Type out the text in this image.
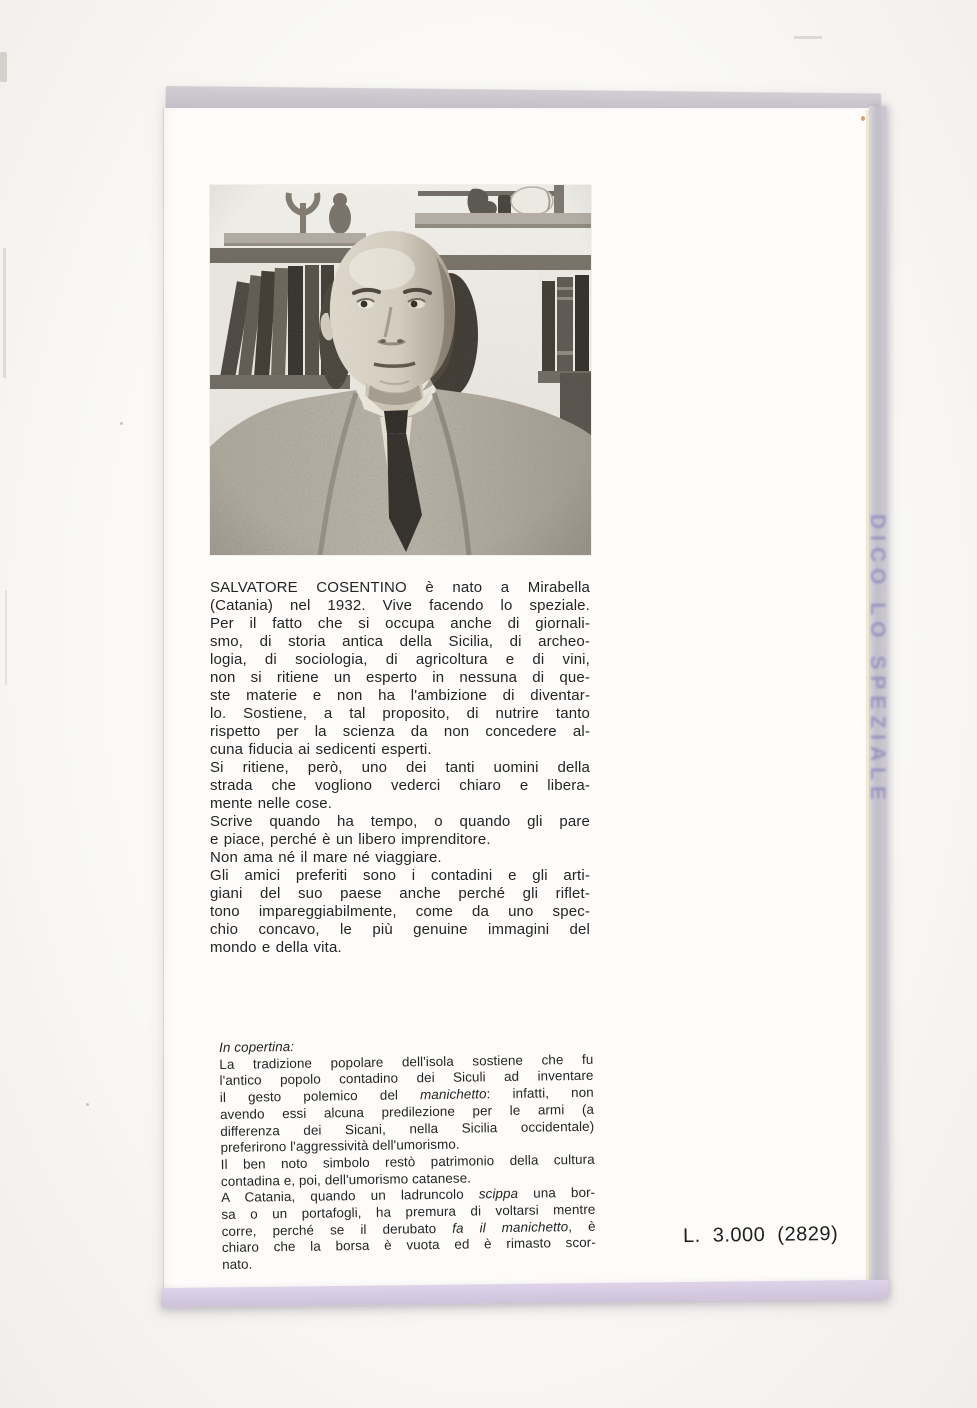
SALVATORE COSENTINO è nato a Mirabella
(Catania) nel 1932. Vive facendo lo speziale.
Per il fatto che si occupa anche di giornali-
smo, di storia antica della Sicilia, di archeo-
logia, di sociologia, di agricoltura e di vini,
non si ritiene un esperto in nessuna di que-
ste materie e non ha l'ambizione di diventar-
lo. Sostiene, a tal proposito, di nutrire tanto
rispetto per la scienza da non concedere al-
cuna fiducia ai sedicenti esperti.
Si ritiene, però, uno dei tanti uomini della
strada che vogliono vederci chiaro e libera-
mente nelle cose.
Scrive quando ha tempo, o quando gli pare
e piace, perché è un libero imprenditore.
Non ama né il mare né viaggiare.
Gli amici preferiti sono i contadini e gli arti-
giani del suo paese anche perché gli riflet-
tono impareggiabilmente, come da uno spec-
chio concavo, le più genuine immagini del
mondo e della vita.
In copertina:
La tradizione popolare dell'isola sostiene che fu
l'antico popolo contadino dei Siculi ad inventare
il gesto polemico del manichetto: infatti, non
avendo essi alcuna predilezione per le armi (a
differenza dei Sicani, nella Sicilia occidentale)
preferirono l'aggressività dell'umorismo.
Il ben noto simbolo restò patrimonio della cultura
contadina e, poi, dell'umorismo catanese.
A Catania, quando un ladruncolo scippa una bor-
sa o un portafogli, ha premura di voltarsi mentre
corre, perché se il derubato fa il manichetto, è
chiaro che la borsa è vuota ed è rimasto scor-
nato.
L. 3.000 (2829)
DICO LO SPEZIALE
